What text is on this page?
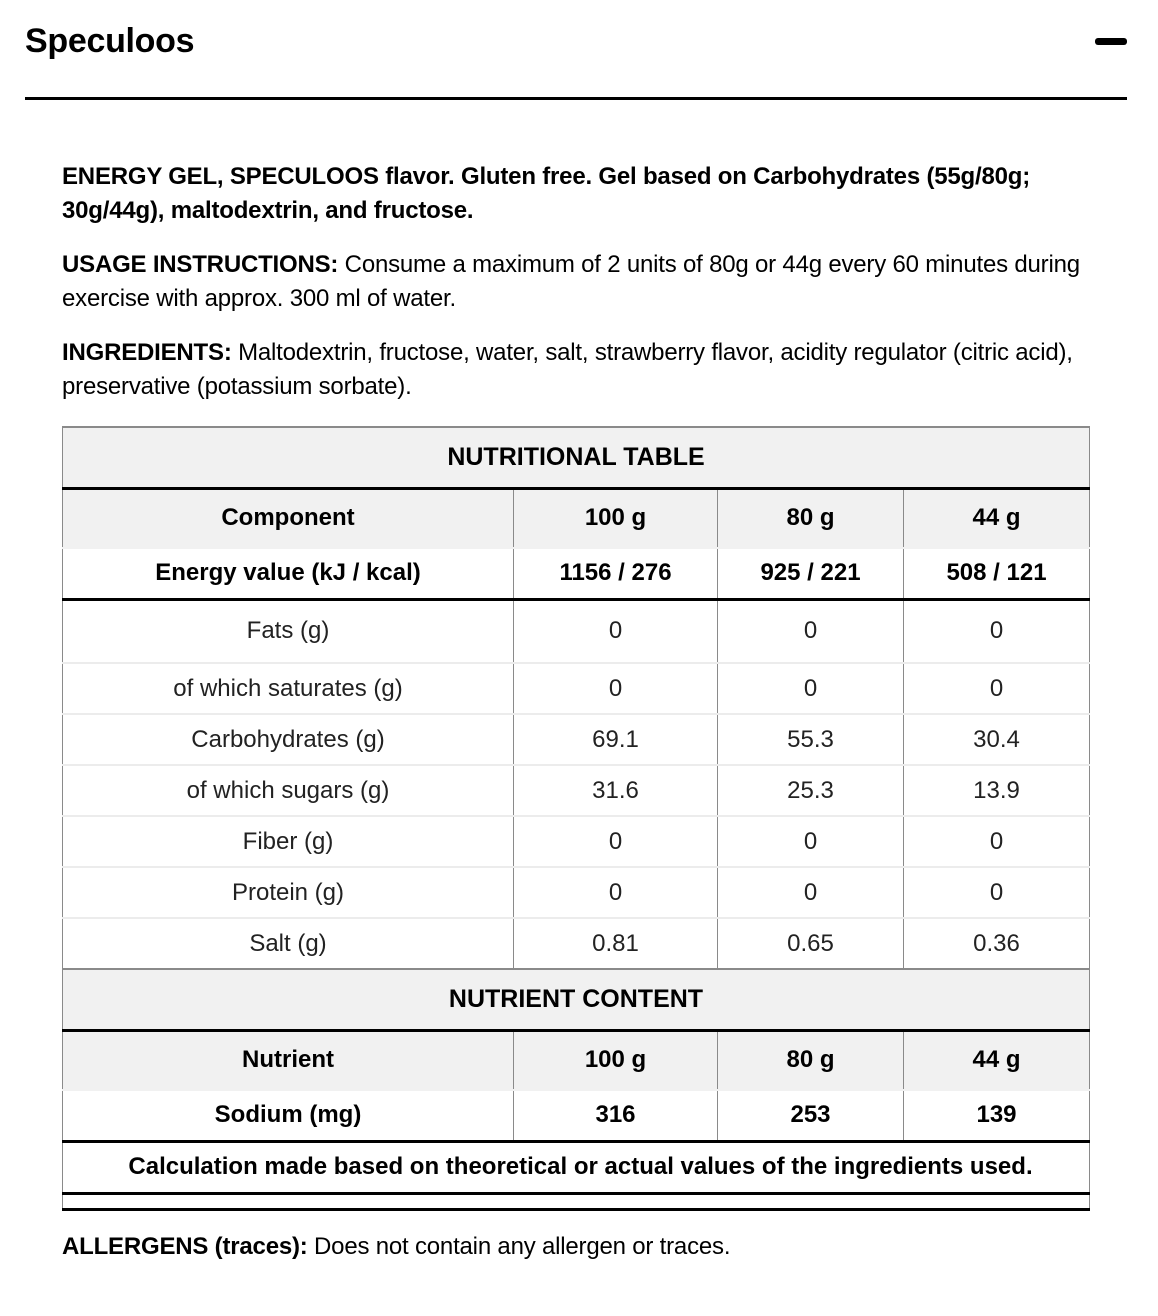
Speculoos

ENERGY GEL, SPECULOOS flavor. Gluten free. Gel based on Carbohydrates (55g/80g; 30g/44g), maltodextrin, and fructose.

USAGE INSTRUCTIONS: Consume a maximum of 2 units of 80g or 44g every 60 minutes during exercise with approx. 300 ml of water.

INGREDIENTS: Maltodextrin, fructose, water, salt, strawberry flavor, acidity regulator (citric acid), preservative (potassium sorbate).

NUTRITIONAL TABLE			
Component	100 g	80 g	44 g
Energy value (kJ / kcal)	1156 / 276	925 / 221	508 / 121
Fats (g)	0	0	0
of which saturates (g)	0	0	0
Carbohydrates (g)	69.1	55.3	30.4
of which sugars (g)	31.6	25.3	13.9
Fiber (g)	0	0	0
Protein (g)	0	0	0
Salt (g)	0.81	0.65	0.36
NUTRIENT CONTENT			
Nutrient	100 g	80 g	44 g
Sodium (mg)	316	253	139
Calculation made based on theoretical or actual values of the ingredients used.			

ALLERGENS (traces): Does not contain any allergen or traces.
